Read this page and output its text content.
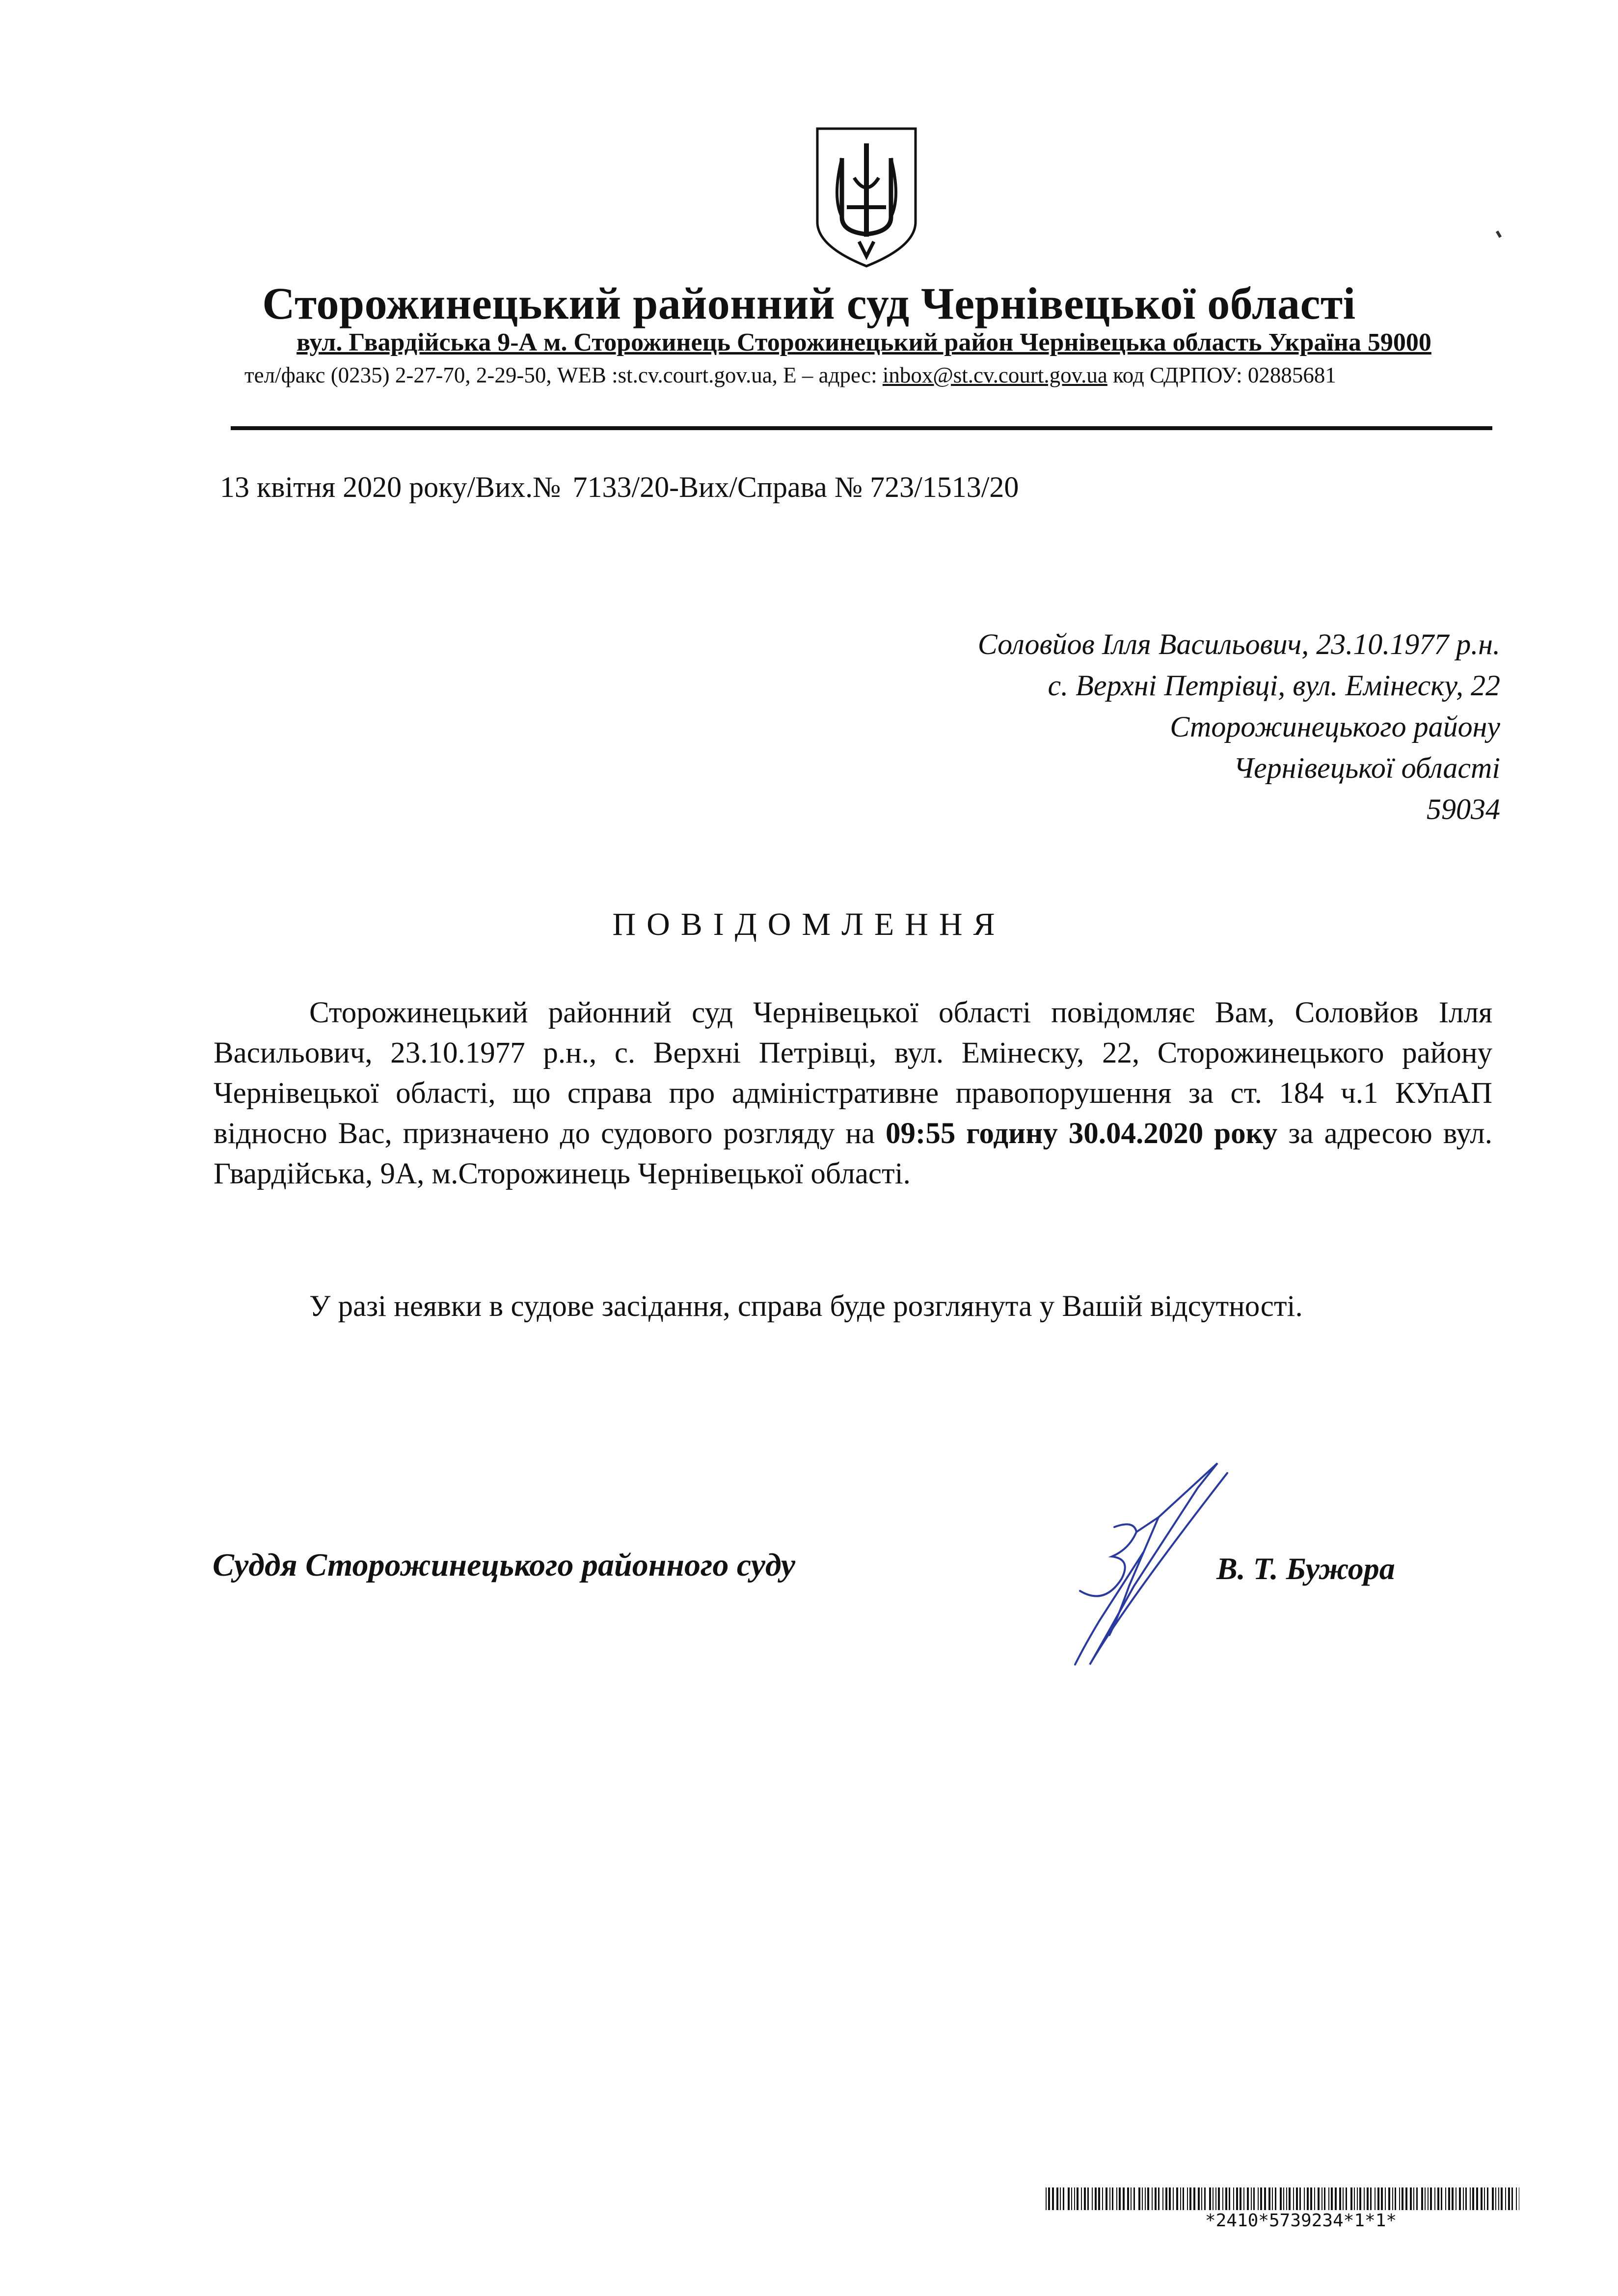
Сторожинецький районний суд Чернівецької області
вул. Гвардійська 9-А м. Сторожинець Сторожинецький район Чернівецька область Україна 59000
тел/факс (0235) 2-27-70, 2-29-50, WEB :st.cv.court.gov.ua, E – адрес: inbox@st.cv.court.gov.ua код СДРПОУ: 02885681
13 квітня 2020 року/Вих.№ 7133/20-Вих/Справа № 723/1513/20
Соловйов Ілля Васильович, 23.10.1977 р.н.
с. Верхні Петрівці, вул. Емінеску, 22
Сторожинецького району
Чернівецької області
59034
ПОВІДОМЛЕННЯ
Сторожинецький районний суд Чернівецької області повідомляє Вам, Соловйов Ілля Васильович, 23.10.1977 р.н., с. Верхні Петрівці, вул. Емінеску, 22, Сторожинецького району Чернівецької області, що справа про адміністративне правопорушення за ст. 184 ч.1 КУпАП відносно Вас, призначено до судового розгляду на 09:55 годину 30.04.2020 року за адресою вул. Гвардійська, 9А, м.Сторожинець Чернівецької області.
У разі неявки в судове засідання, справа буде розглянута у Вашій відсутності.
Суддя Сторожинецького районного суду	В. Т. Бужора
*2410*5739234*1*1*
